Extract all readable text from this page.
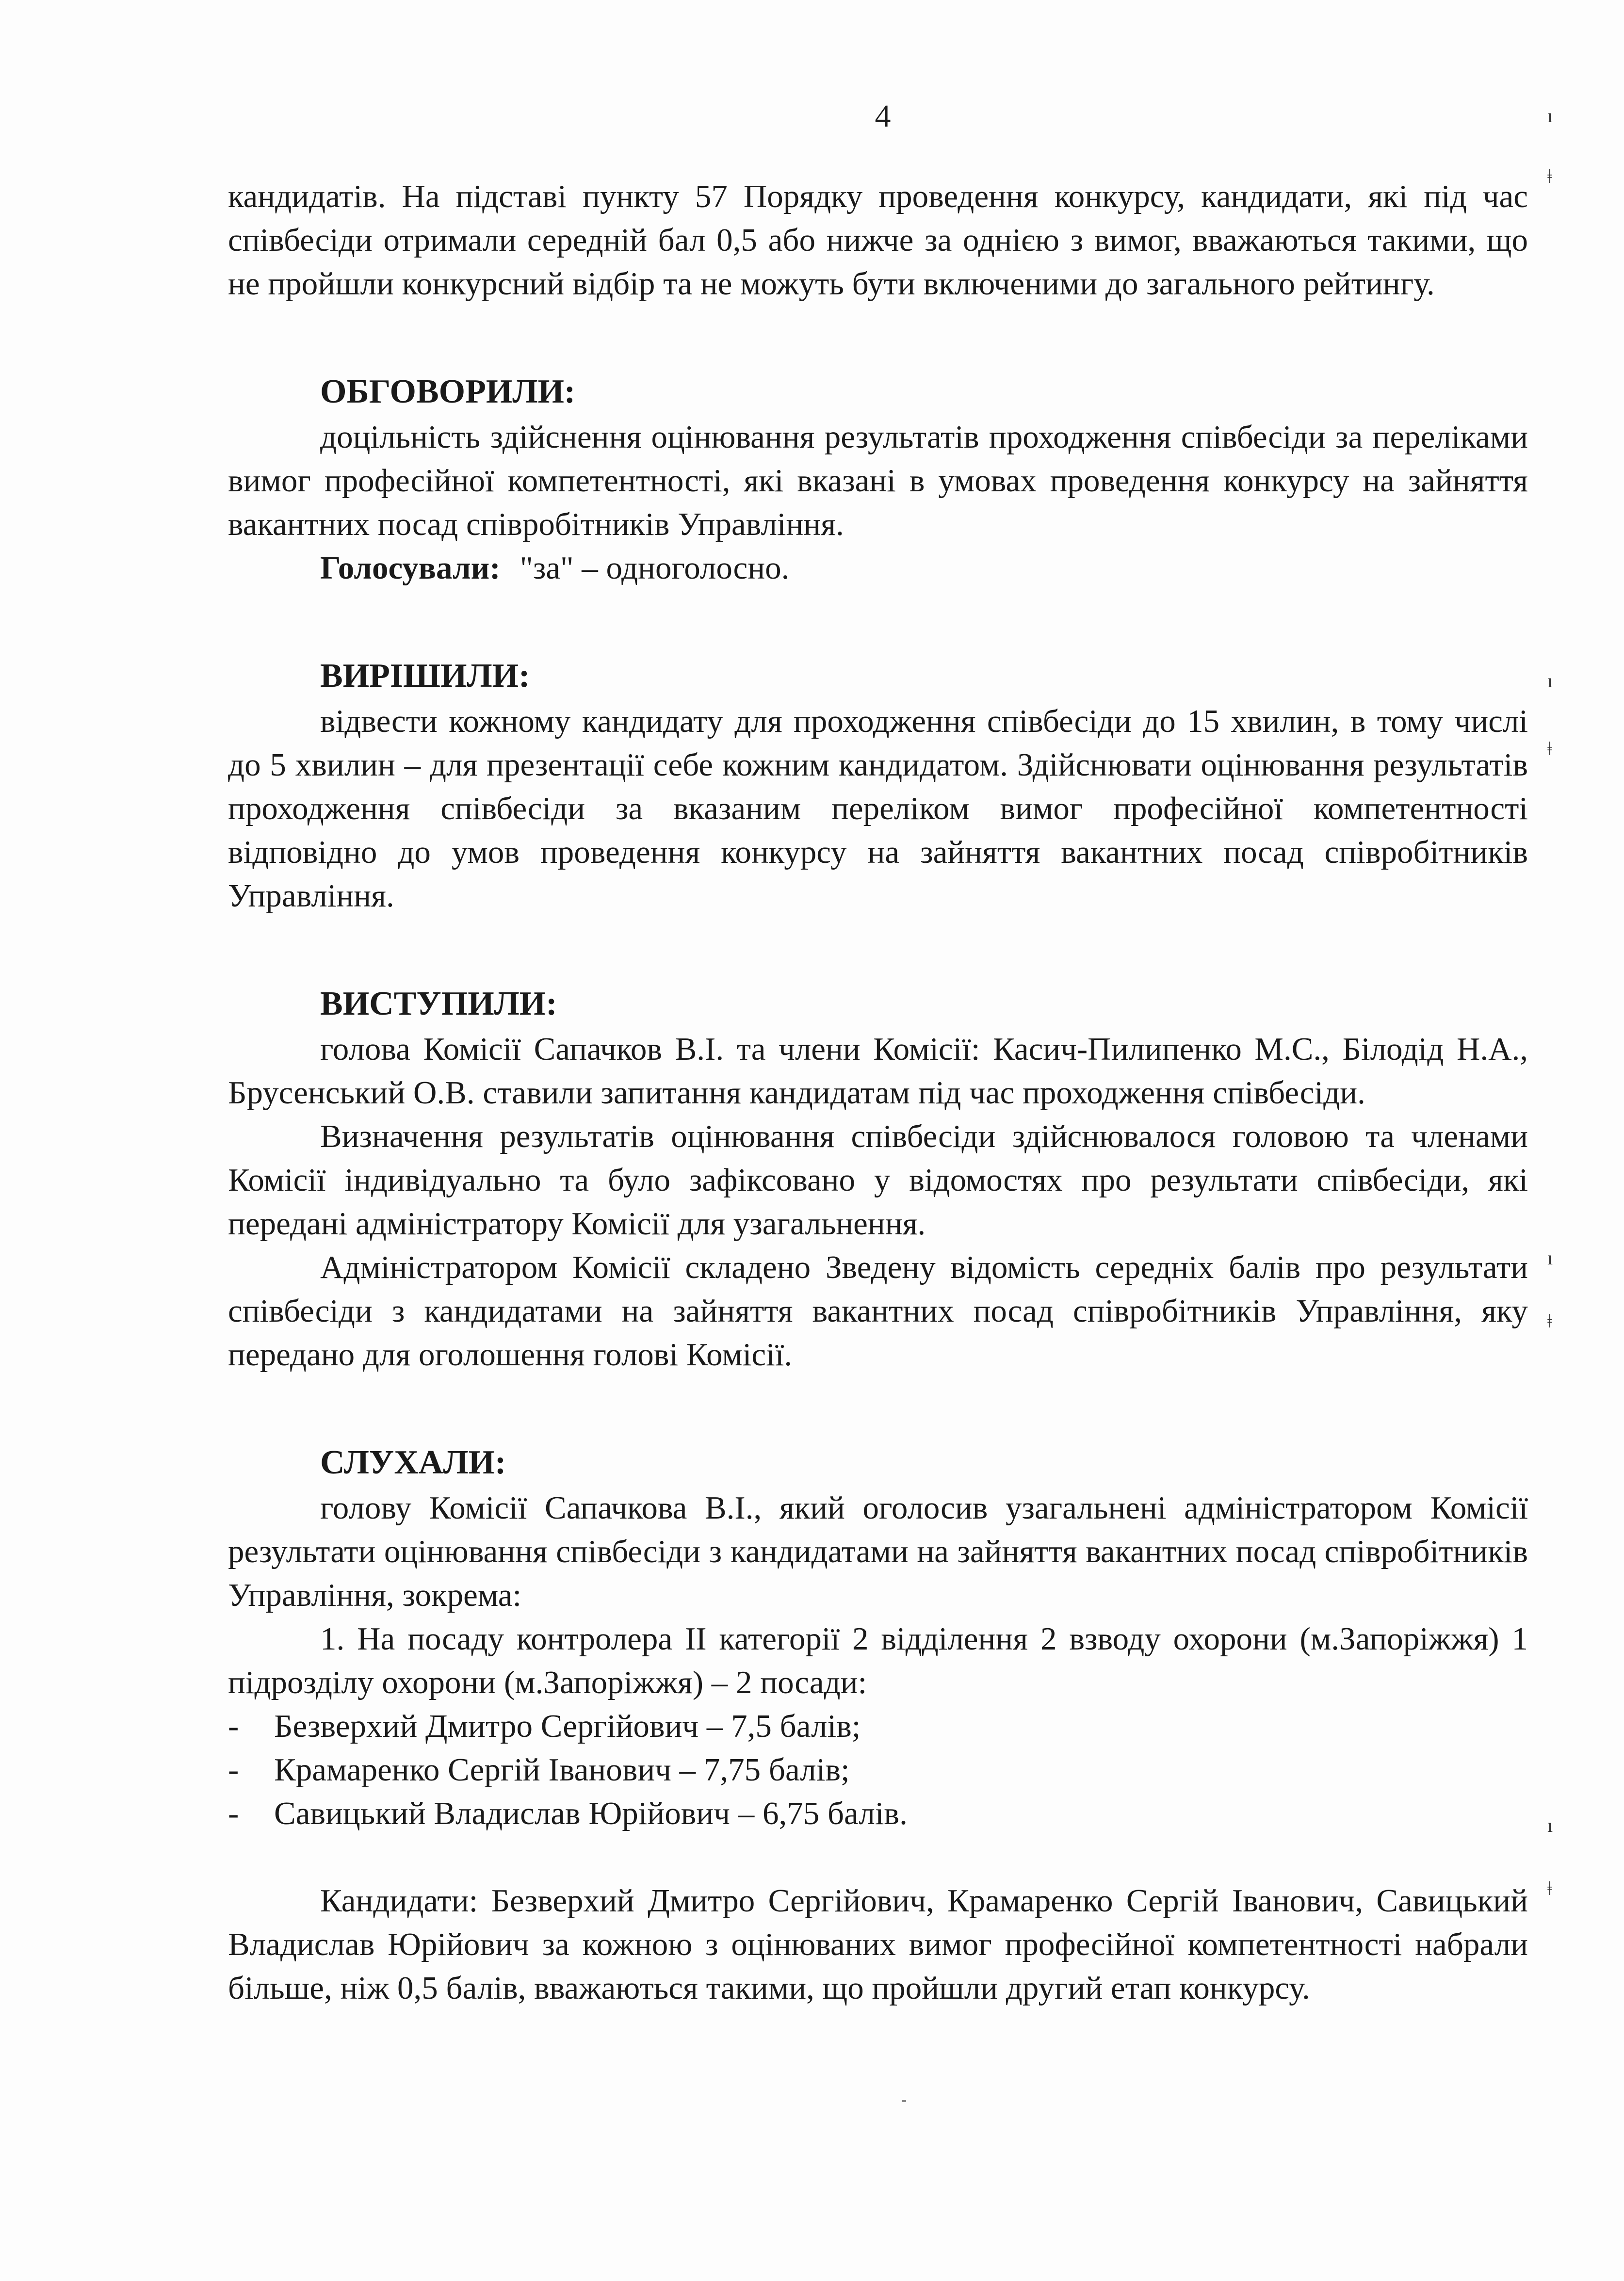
4

кандидатів. На підставі пункту 57 Порядку проведення конкурсу, кандидати, які під час співбесіди отримали середній бал 0,5 або нижче за однією з вимог, вважаються такими, що не пройшли конкурсний відбір та не можуть бути включеними до загального рейтингу.

ОБГОВОРИЛИ:

доцільність здійснення оцінювання результатів проходження співбесіди за переліками вимог професійної компетентності, які вказані в умовах проведення конкурсу на зайняття вакантних посад співробітників Управління.

Голосували: "за" – одноголосно.

ВИРІШИЛИ:

відвести кожному кандидату для проходження співбесіди до 15 хвилин, в тому числі до 5 хвилин – для презентації себе кожним кандидатом. Здійснювати оцінювання результатів проходження співбесіди за вказаним переліком вимог професійної компетентності відповідно до умов проведення конкурсу на зайняття вакантних посад співробітників Управління.

ВИСТУПИЛИ:

голова Комісії Сапачков В.І. та члени Комісії: Касич-Пилипенко М.С., Білодід Н.А., Брусенський О.В. ставили запитання кандидатам під час проходження співбесіди.

Визначення результатів оцінювання співбесіди здійснювалося головою та членами Комісії індивідуально та було зафіксовано у відомостях про результати співбесіди, які передані адміністратору Комісії для узагальнення.

Адміністратором Комісії складено Зведену відомість середніх балів про результати співбесіди з кандидатами на зайняття вакантних посад співробітників Управління, яку передано для оголошення голові Комісії.

СЛУХАЛИ:

голову Комісії Сапачкова В.І., який оголосив узагальнені адміністратором Комісії результати оцінювання співбесіди з кандидатами на зайняття вакантних посад співробітників Управління, зокрема:

1. На посаду контролера ІІ категорії 2 відділення 2 взводу охорони (м.Запоріжжя) 1 підрозділу охорони (м.Запоріжжя) – 2 посади:

- Безверхий Дмитро Сергійович – 7,5 балів;
- Крамаренко Сергій Іванович – 7,75 балів;
- Савицький Владислав Юрійович – 6,75 балів.

Кандидати: Безверхий Дмитро Сергійович, Крамаренко Сергій Іванович, Савицький Владислав Юрійович за кожною з оцінюваних вимог професійної компетентності набрали більше, ніж 0,5 балів, вважаються такими, що пройшли другий етап конкурсу.

ı
ǂ
ı
ǂ
ı
ǂ
ı
ǂ
